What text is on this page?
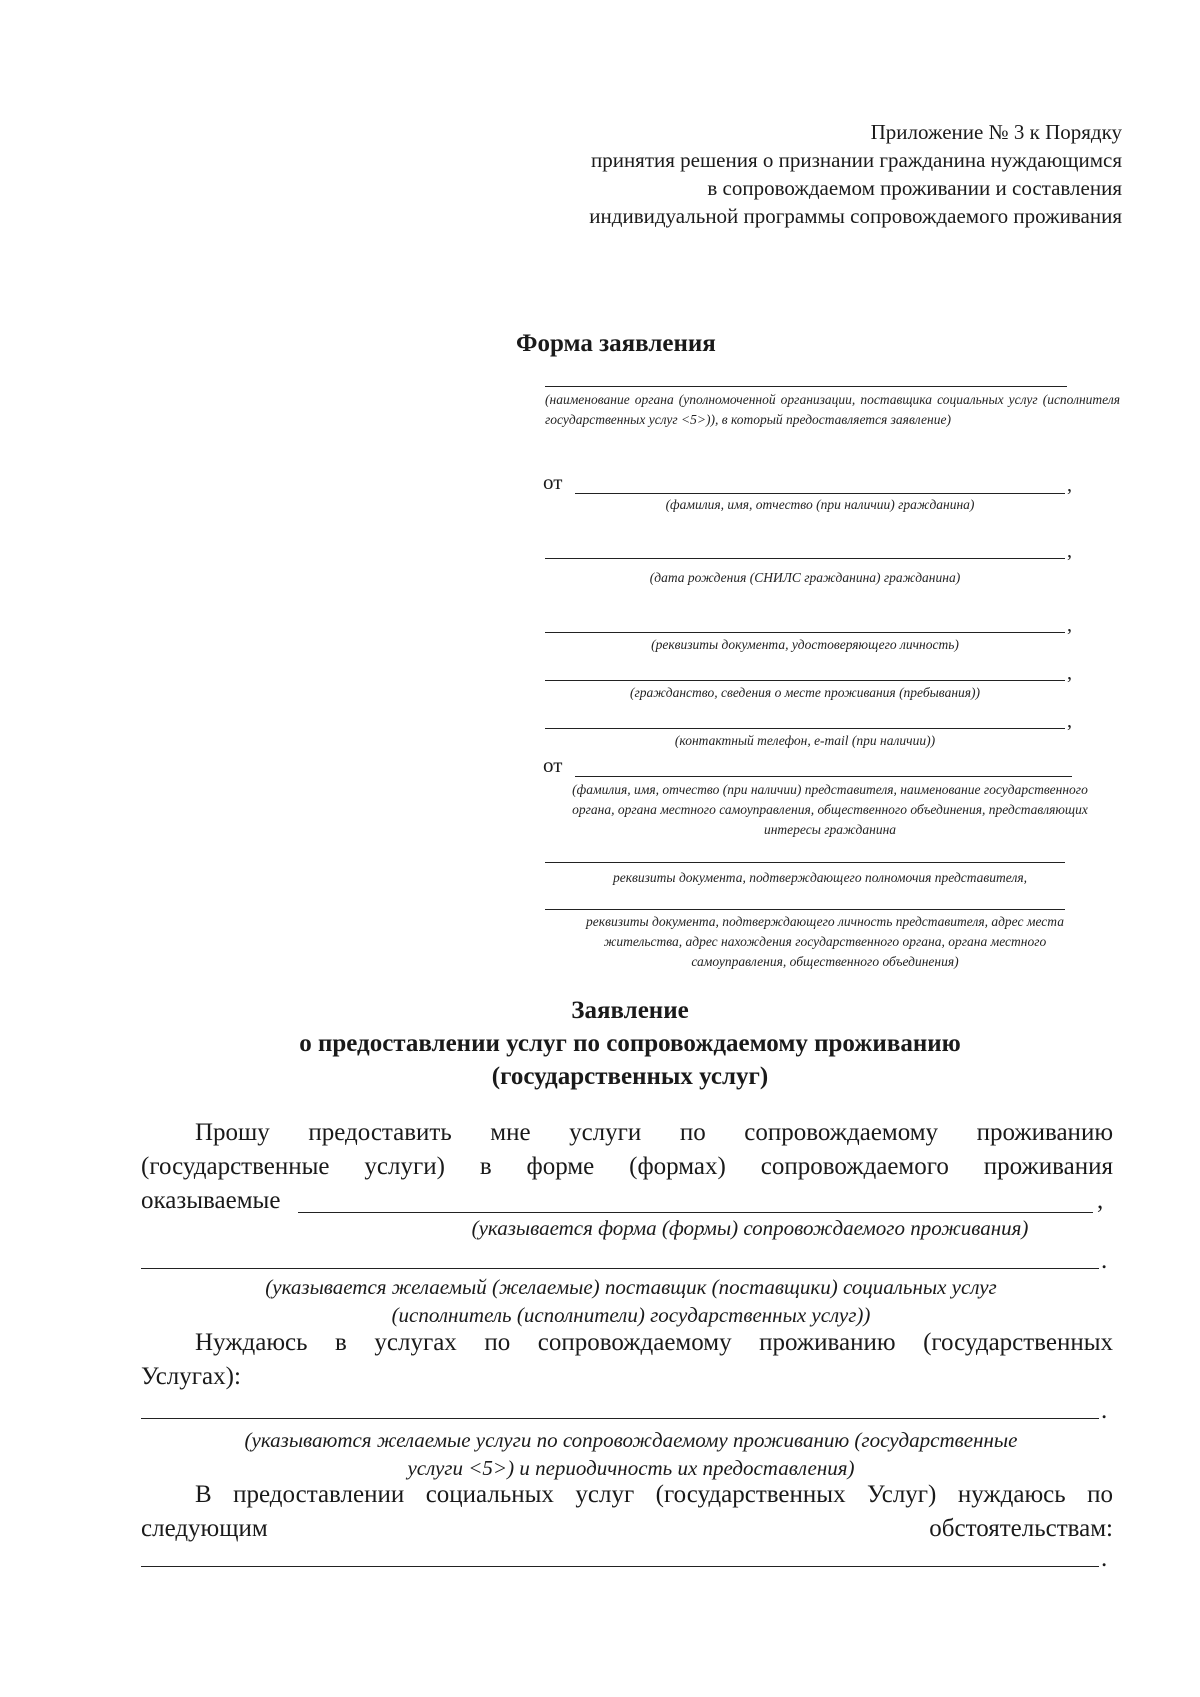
Приложение № 3 к Порядку
принятия решения о признании гражданина нуждающимся
в сопровождаемом проживании и составления
индивидуальной программы сопровождаемого проживания
Форма заявления
(наименование органа (уполномоченной организации, поставщика социальных услуг (исполнителя государственных услуг <5>)), в который предоставляется заявление)
от	,
(фамилия, имя, отчество (при наличии) гражданина)
,
(дата рождения (СНИЛС гражданина) гражданина)
,
(реквизиты документа, удостоверяющего личность)
,
(гражданство, сведения о месте проживания (пребывания))
,
(контактный телефон, e-mail (при наличии))
от
(фамилия, имя, отчество (при наличии) представителя, наименование государственного органа, органа местного самоуправления, общественного объединения, представляющих интересы гражданина
реквизиты документа, подтверждающего полномочия представителя,
реквизиты документа, подтверждающего личность представителя, адрес места жительства, адрес нахождения государственного органа, органа местного самоуправления, общественного объединения)
Заявление
о предоставлении услуг по сопровождаемому проживанию
(государственных услуг)
Прошу предоставить мне услуги по сопровождаемому проживанию
(государственные услуги) в форме (формах) сопровождаемого проживания
оказываемые	,
(указывается форма (формы) сопровождаемого проживания)
.
(указывается желаемый (желаемые) поставщик (поставщики) социальных услуг
(исполнитель (исполнители) государственных услуг))
Нуждаюсь в услугах по сопровождаемому проживанию (государственных
Услугах):
.
(указываются желаемые услуги по сопровождаемому проживанию (государственные
услуги <5>) и периодичность их предоставления)
В предоставлении социальных услуг (государственных Услуг) нуждаюсь по
следующим	обстоятельствам:
.
